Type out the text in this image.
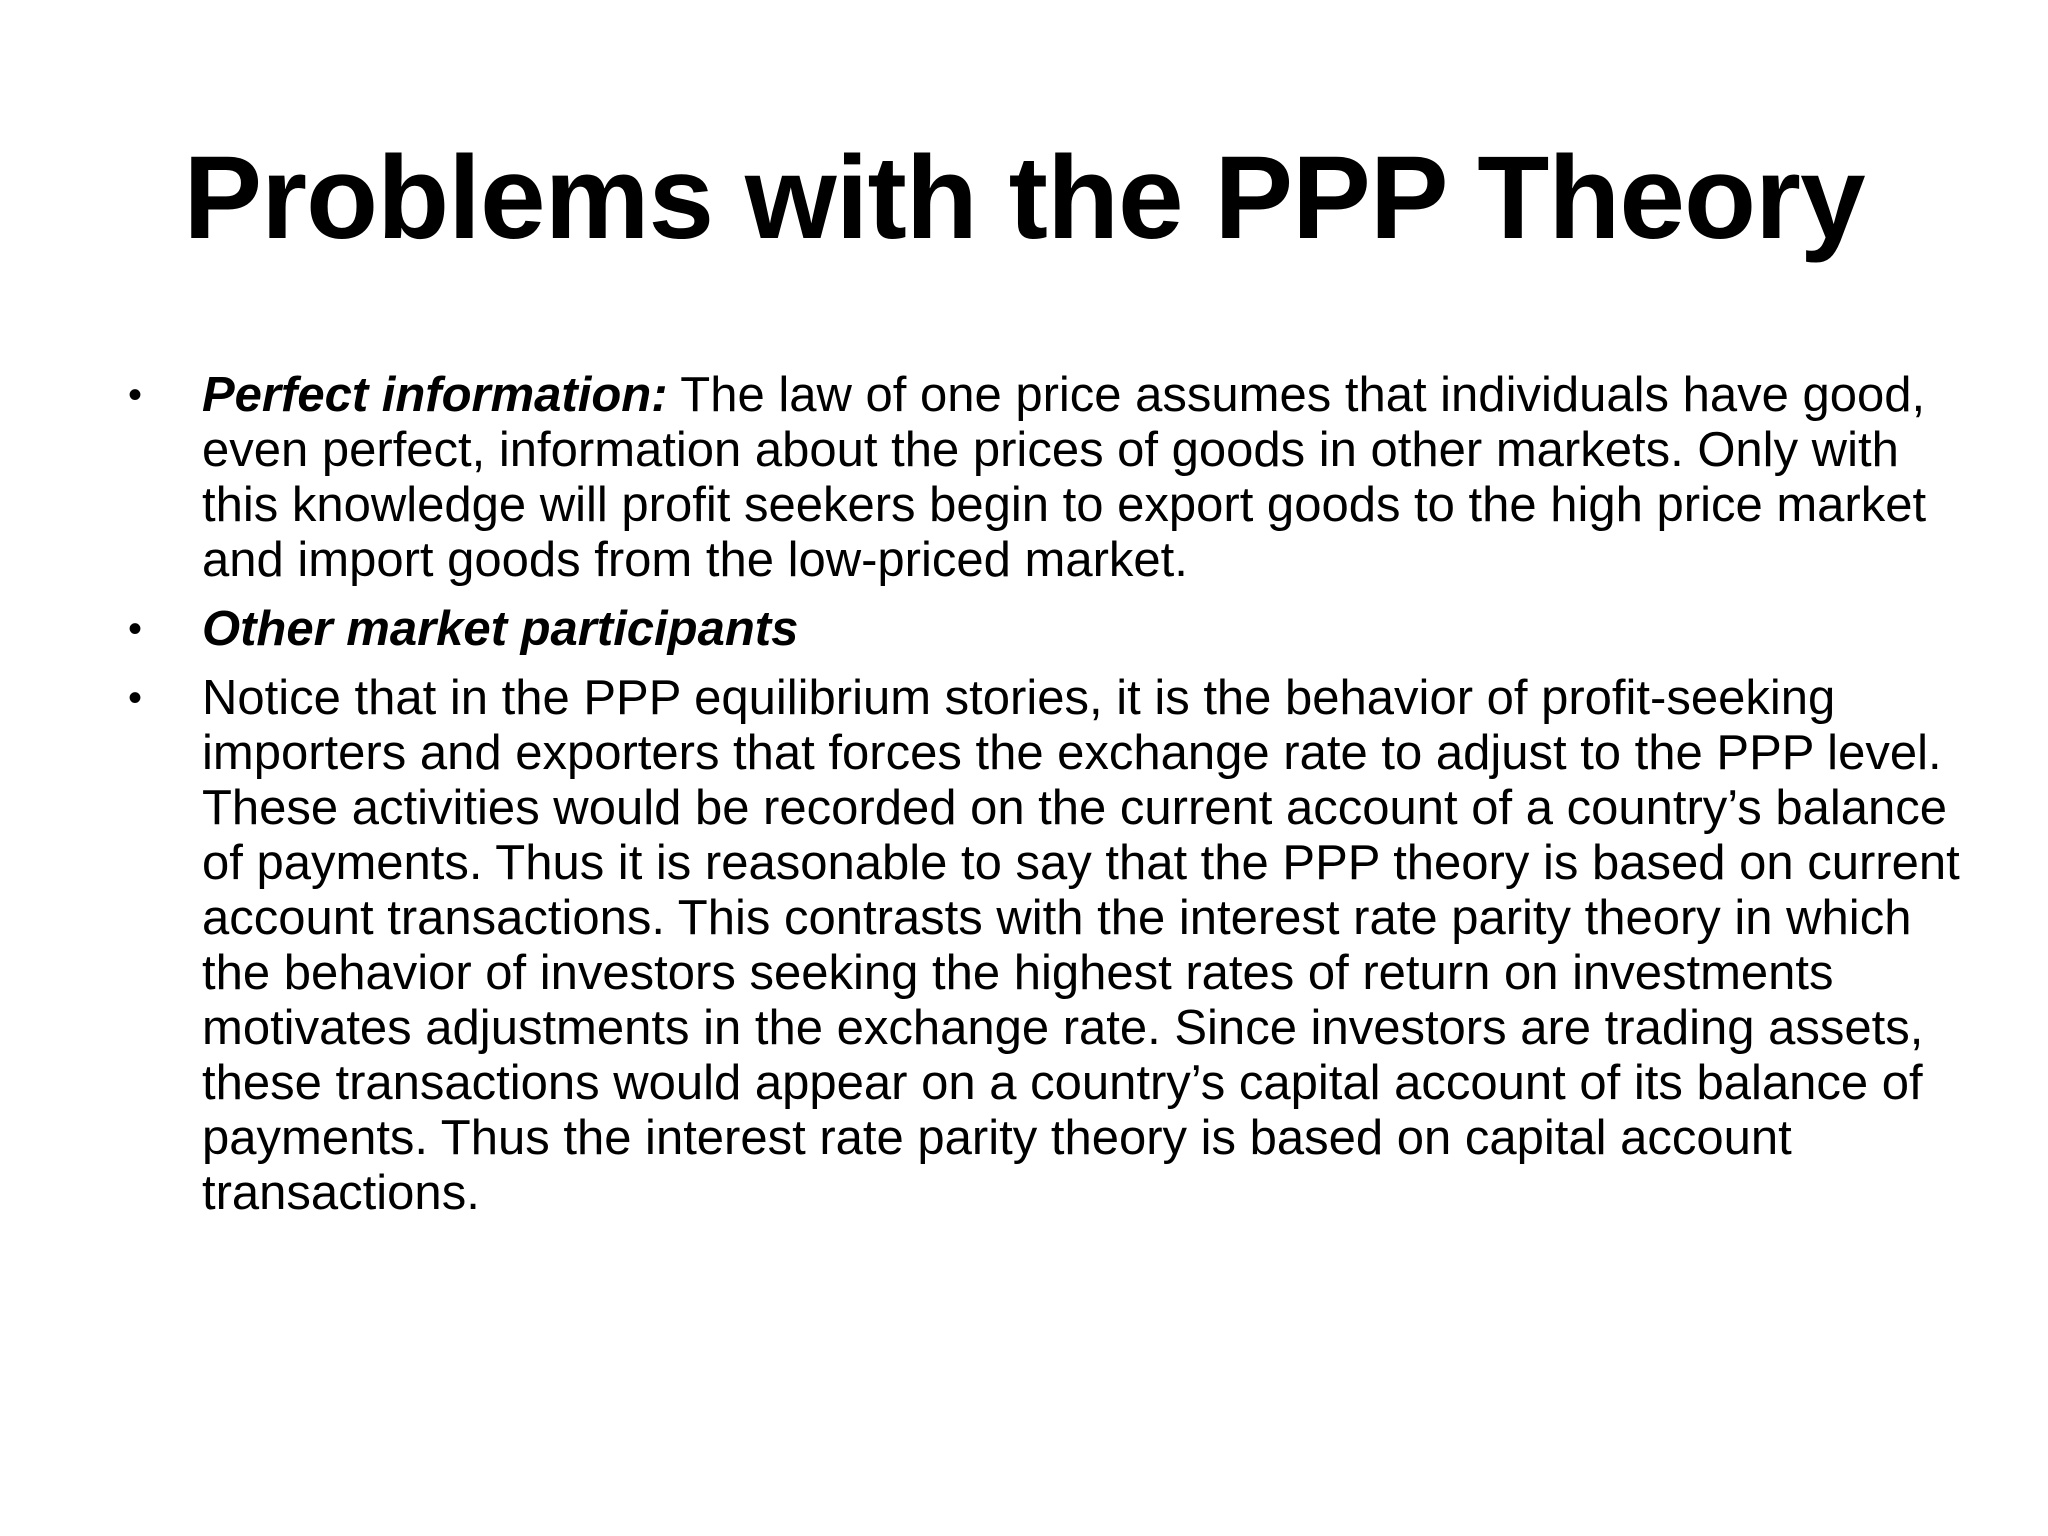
Problems with the PPP Theory
• Perfect information: The law of one price assumes that individuals have good, even perfect, information about the prices of goods in other markets. Only with this knowledge will profit seekers begin to export goods to the high price market and import goods from the low-priced market.
• Other market participants
• Notice that in the PPP equilibrium stories, it is the behavior of profit-seeking importers and exporters that forces the exchange rate to adjust to the PPP level. These activities would be recorded on the current account of a country’s balance of payments. Thus it is reasonable to say that the PPP theory is based on current account transactions. This contrasts with the interest rate parity theory in which the behavior of investors seeking the highest rates of return on investments motivates adjustments in the exchange rate. Since investors are trading assets, these transactions would appear on a country’s capital account of its balance of payments. Thus the interest rate parity theory is based on capital account transactions.
